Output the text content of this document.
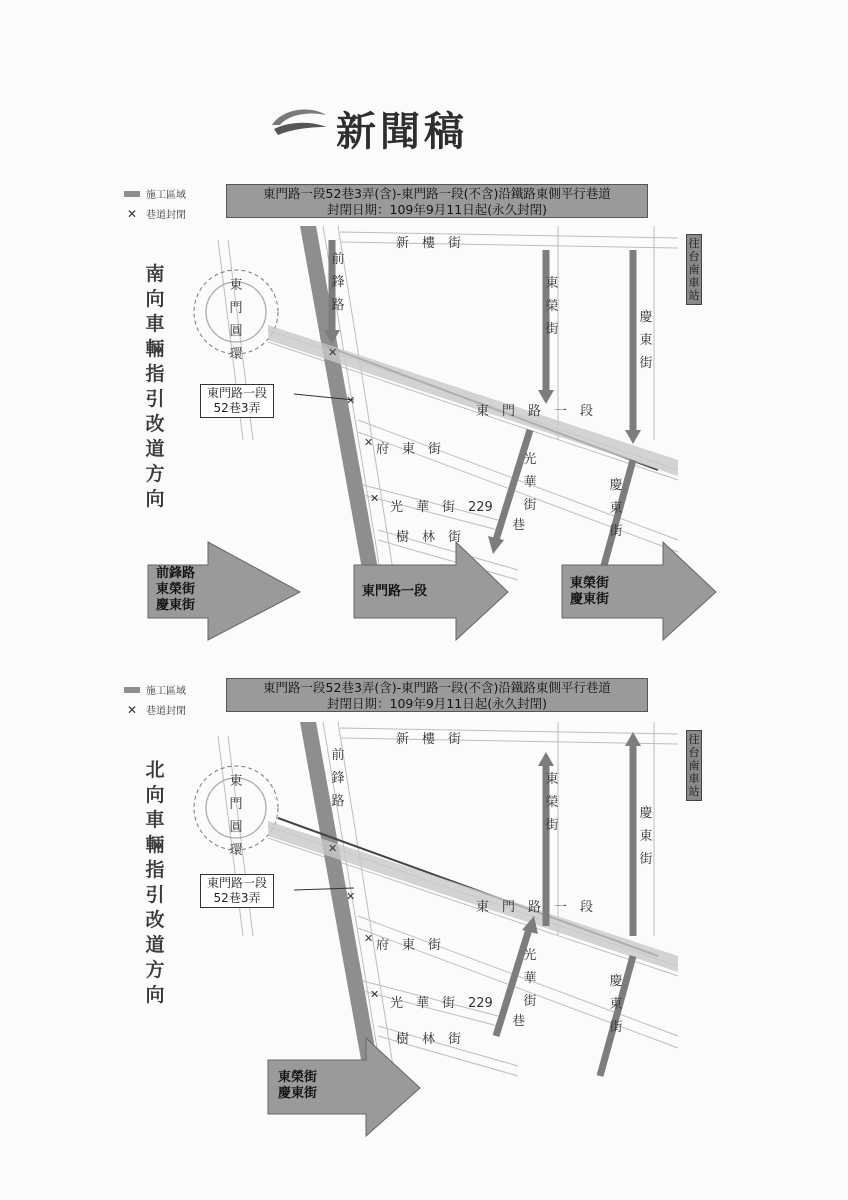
新聞稿
施工區域
✕ 巷道封閉
東門路一段52巷3弄(含)-東門路一段(不含)沿鐵路東側平行巷道
封閉日期：109年9月11日起(永久封閉)
✕
✕
✕
✕
南向車輛指引改道方向
東門圓環
東門路一段
52巷3弄
往台南車站
新　樓　街
前鋒路
東榮街
慶東街
東　門　路　一　段
府　東　街
光華街
光　華　街　229
巷
樹　林　街
慶東街
前鋒路
東榮街
慶東街
東門路一段
東榮街
慶東街
施工區域
✕ 巷道封閉
東門路一段52巷3弄(含)-東門路一段(不含)沿鐵路東側平行巷道
封閉日期：109年9月11日起(永久封閉)
✕
✕
✕
✕
北向車輛指引改道方向
東門圓環
東門路一段
52巷3弄
往台南車站
新　樓　街
前鋒路
東榮街
慶東街
東　門　路　一　段
府　東　街
光華街
光　華　街　229
巷
樹　林　街
慶東街
東榮街
慶東街
